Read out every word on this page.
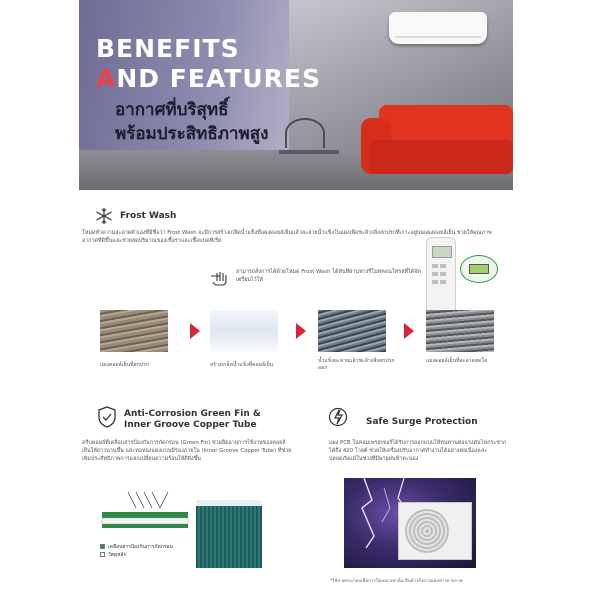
BENEFITS
AND FEATURES
อากาศที่บริสุทธิ์
พร้อมประสิทธิภาพสูง
Frost Wash
โหมดทำความสะอาดตัวเองที่มีชื่อว่า Frost Wash จะมีการสร้างเกล็ดน้ำแข็งที่แผงคอยล์เย็นแล้วละลายน้ำแข็งในแผงเพื่อชะล้างสิ่งสกปรกที่เกาะอยู่บนแผงคอยล์เย็น ช่วยให้คุณภาพอากาศที่ดีขึ้นและช่วยลดปริมาณของเชื้อราและเชื้อแบคทีเรีย
สามารถสั่งการได้ด้วยโหมด Frost Wash ได้ทันทีผ่านทางรีโมทคอนโทรลที่ได้จัดเตรียมไว้ให้
แผงคอยล์เย็นที่สกปรก	สร้างเกล็ดน้ำแข็งที่คอยล์เย็น
น้ำแข็งละลายแล้วชะล้างสิ่งสกปรกออก
แผงคอยล์เย็นที่สะอาดสดใส
Anti-Corrosion Green Fin &
Inner Groove Copper Tube
ครีบคอยล์ที่เคลือบสารป้องกันการกัดกร่อน (Green Fin) ช่วยยืดอายุการใช้งานของคอยล์เย็นให้ยาวนานขึ้น และท่อทองแดงแบบมีร่องภายใน (Inner Groove Copper Tube) ที่ช่วยเพิ่มประสิทธิภาพการแลกเปลี่ยนความร้อนให้ดียิ่งขึ้น
เคลือบสารป้องกันการกัดกร่อน
วัสดุหลัก
Safe Surge Protection
แผง PCB ในคอมเพรสเซอร์ได้รับการออกแบบให้ทนทานต่อแรงดันไฟกระชากได้ถึง 420 โวลต์ ช่วยให้เครื่องปรับอากาศทำงานได้อย่างต่อเนื่องและปลอดภัยแม้ในช่วงที่มีพายุฝนฟ้าคะนอง
*ใช้ภาพประกอบเพื่อการโฆษณาเท่านั้น สินค้าจริงอาจแตกต่างจากภาพ
